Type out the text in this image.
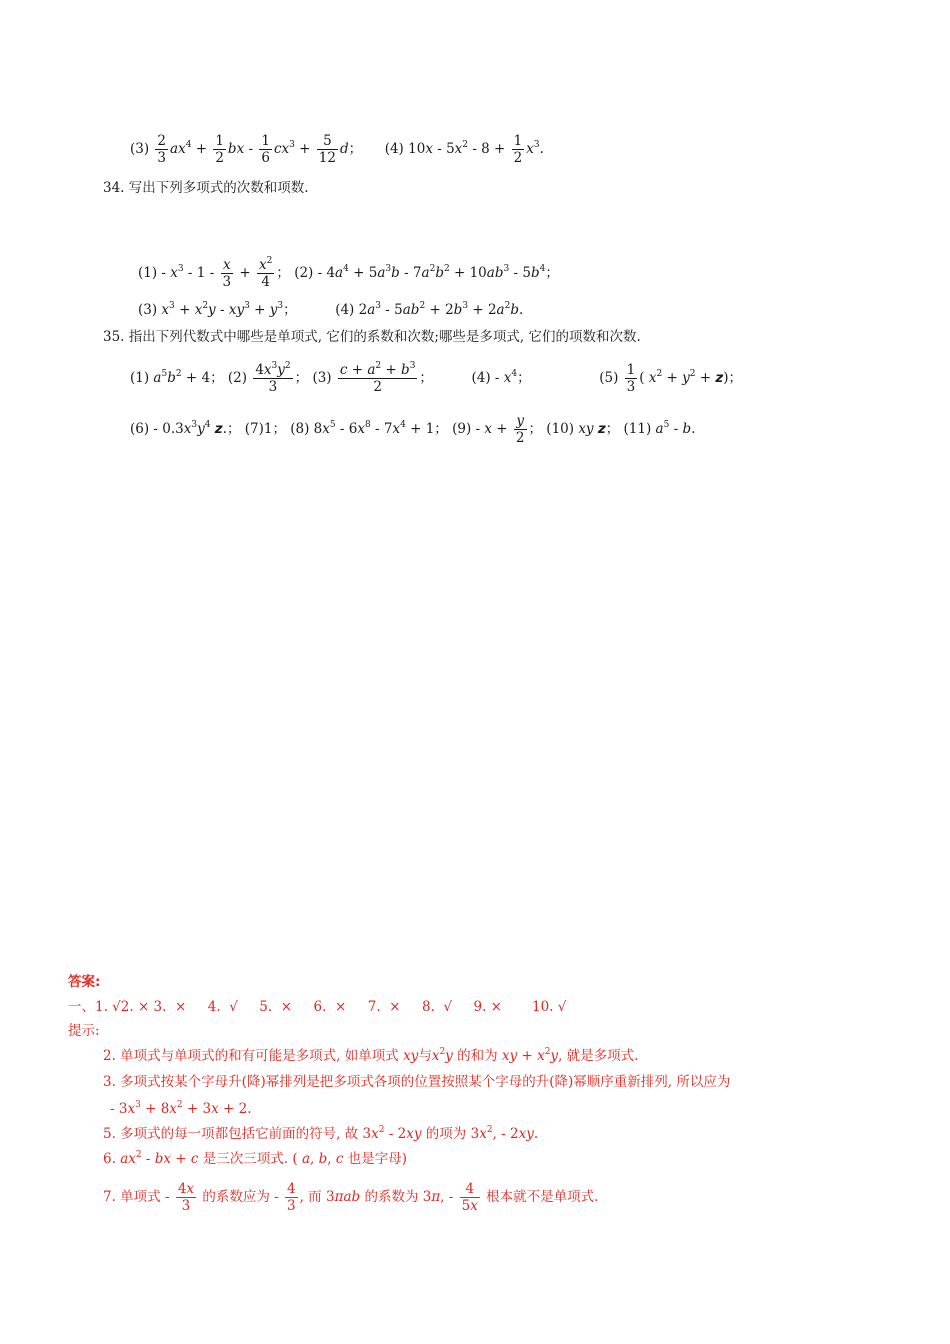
$(3) \frac{2}{3} ax^4 + \frac{1}{2}$ bx - $\frac{1}{6} cx^3 + \frac{5}{12}$ d； (4) $10x - 5x^2 - 8 + \frac{1}{2} x^3$.
34. 写出下列多项式的次数和项数.
$(1) - x^3 - 1 - \frac{x}{3} + \frac{x^2}{4}$ ； $(2) - 4a^4 + 5a^3b - 7a^2b^2 + 10ab^3 - 5b^4$；
(3) $x^3 + x^2y - xy^3 + y^3$；	(4) $2a^3 - 5ab^2 + 2b^3 + 2a^2b$.
35. 指出下列代数式中哪些是单项式, 它们的系数和次数;哪些是多项式, 它们的项数和次数.
(1) $a^5b^2 + 4$； $(2) \frac{4x^3y^2}{3}$ ； $(3) \frac{c + a^2 + b^3}{2}$ ；	$(4) - x^4$；	$(5) \frac{1}{3}$ ( $x^2 + y^2 + z$)；
$(6) - 0.3x^3y^4$ z.； (7)1； (8) $8x^5 - 6x^8 - 7x^4 + 1$； $(9) - x + \frac{y}{2}$ ； (10) xy z； (11) $a^5$ - b.
答案:
一、1. √2. × 3.  ×     4.  √     5.  ×     6.  ×     7.  ×     8.  √     9. ×       10. √
提示:
2. 单项式与单项式的和有可能是多项式, 如单项式 xy与$x^2y$ 的和为 xy + $x^2y$, 就是多项式.
3. 多项式按某个字母升(降)幂排列是把多项式各项的位置按照某个字母的升(降)幂顺序重新排列, 所以应为
- $3x^3 + 8x^2 + 3x + 2$.
5. 多项式的每一项都包括它前面的符号, 故 $3x^2 - 2xy$ 的项为 $3x^2$, - 2xy.
6. $ax^2$ - bx + c 是三次三项式. ( a, b, c 也是字母)
7. 单项式 - $\frac{4x}{3}$ 的系数应为 - $\frac{4}{3}$ , 而 3πab 的系数为 3π, - $\frac{4}{5x}$ 根本就不是单项式.
